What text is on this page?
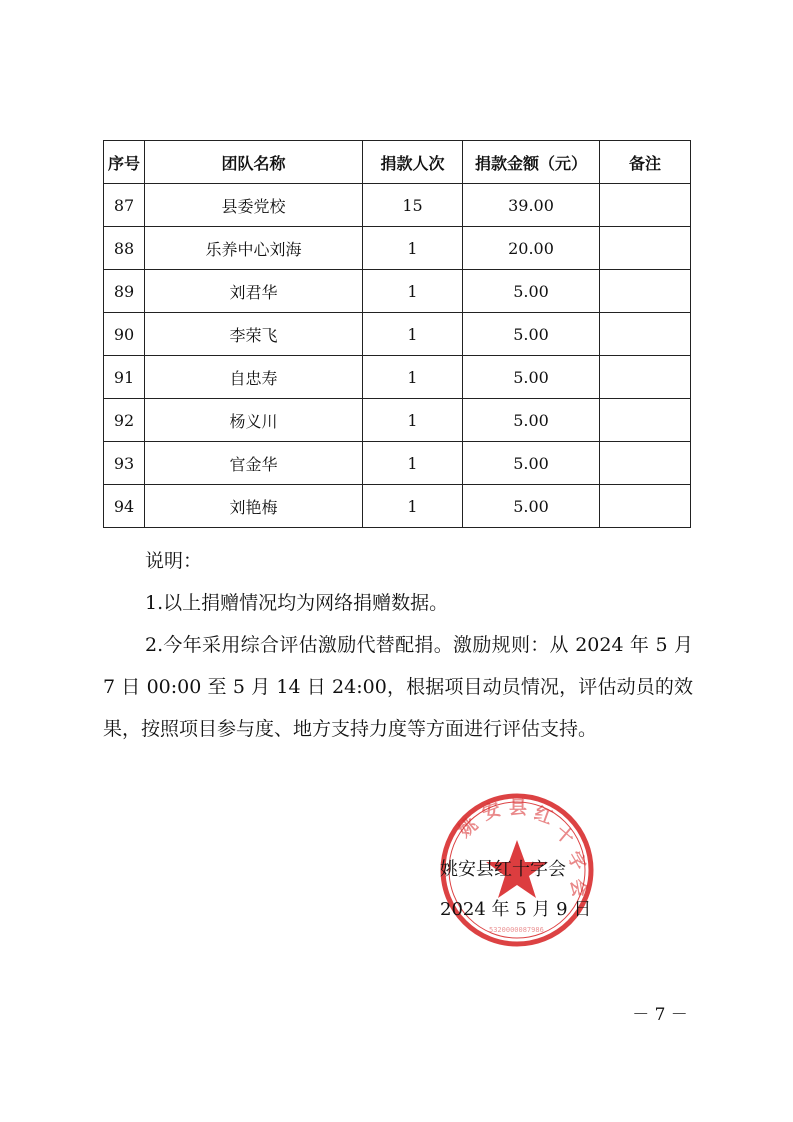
序号	团队名称	捐款人次	捐款金额（元）	备注
87	县委党校	15	39.00	
88	乐养中心刘海	1	20.00	
89	刘君华	1	5.00	
90	李荣飞	1	5.00	
91	自忠寿	1	5.00	
92	杨义川	1	5.00	
93	官金华	1	5.00	
94	刘艳梅	1	5.00	

说明：

1.以上捐赠情况均为网络捐赠数据。

2.今年采用综合评估激励代替配捐。激励规则：从 2024 年 5 月 7 日 00:00 至 5 月 14 日 24:00，根据项目动员情况，评估动员的效果，按照项目参与度、地方支持力度等方面进行评估支持。

姚
安 县 红
十
字
会
5320000087986
姚安县红十字会
2024 年 5 月 9 日
－ 7 －
